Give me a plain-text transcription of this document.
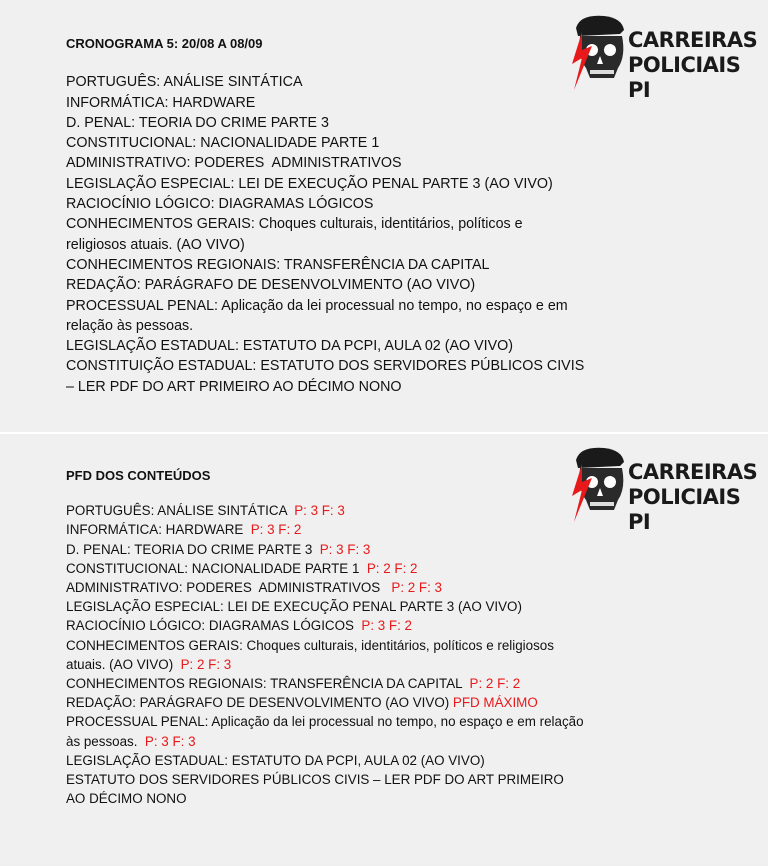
CARREIRAS
POLICIAIS PI
CRONOGRAMA 5: 20/08 A 08/09
PORTUGUÊS: ANÁLISE SINTÁTICA
INFORMÁTICA: HARDWARE
D. PENAL: TEORIA DO CRIME PARTE 3
CONSTITUCIONAL: NACIONALIDADE PARTE 1
ADMINISTRATIVO: PODERES  ADMINISTRATIVOS
LEGISLAÇÃO ESPECIAL: LEI DE EXECUÇÃO PENAL PARTE 3 (AO VIVO)
RACIOCÍNIO LÓGICO: DIAGRAMAS LÓGICOS
CONHECIMENTOS GERAIS: Choques culturais, identitários, políticos e religiosos atuais. (AO VIVO)
CONHECIMENTOS REGIONAIS: TRANSFERÊNCIA DA CAPITAL
REDAÇÃO: PARÁGRAFO DE DESENVOLVIMENTO (AO VIVO)
PROCESSUAL PENAL: Aplicação da lei processual no tempo, no espaço e em relação às pessoas.
LEGISLAÇÃO ESTADUAL: ESTATUTO DA PCPI, AULA 02 (AO VIVO)
CONSTITUIÇÃO ESTADUAL: ESTATUTO DOS SERVIDORES PÚBLICOS CIVIS – LER PDF DO ART PRIMEIRO AO DÉCIMO NONO
CARREIRAS
POLICIAIS PI
PFD DOS CONTEÚDOS
PORTUGUÊS: ANÁLISE SINTÁTICA  P: 3 F: 3
INFORMÁTICA: HARDWARE  P: 3 F: 2
D. PENAL: TEORIA DO CRIME PARTE 3  P: 3 F: 3
CONSTITUCIONAL: NACIONALIDADE PARTE 1  P: 2 F: 2
ADMINISTRATIVO: PODERES  ADMINISTRATIVOS   P: 2 F: 3
LEGISLAÇÃO ESPECIAL: LEI DE EXECUÇÃO PENAL PARTE 3 (AO VIVO)
RACIOCÍNIO LÓGICO: DIAGRAMAS LÓGICOS  P: 3 F: 2
CONHECIMENTOS GERAIS: Choques culturais, identitários, políticos e religiosos atuais. (AO VIVO)  P: 2 F: 3
CONHECIMENTOS REGIONAIS: TRANSFERÊNCIA DA CAPITAL  P: 2 F: 2
REDAÇÃO: PARÁGRAFO DE DESENVOLVIMENTO (AO VIVO) PFD MÁXIMO
PROCESSUAL PENAL: Aplicação da lei processual no tempo, no espaço e em relação às pessoas.  P: 3 F: 3
LEGISLAÇÃO ESTADUAL: ESTATUTO DA PCPI, AULA 02 (AO VIVO)
ESTATUTO DOS SERVIDORES PÚBLICOS CIVIS – LER PDF DO ART PRIMEIRO AO DÉCIMO NONO
